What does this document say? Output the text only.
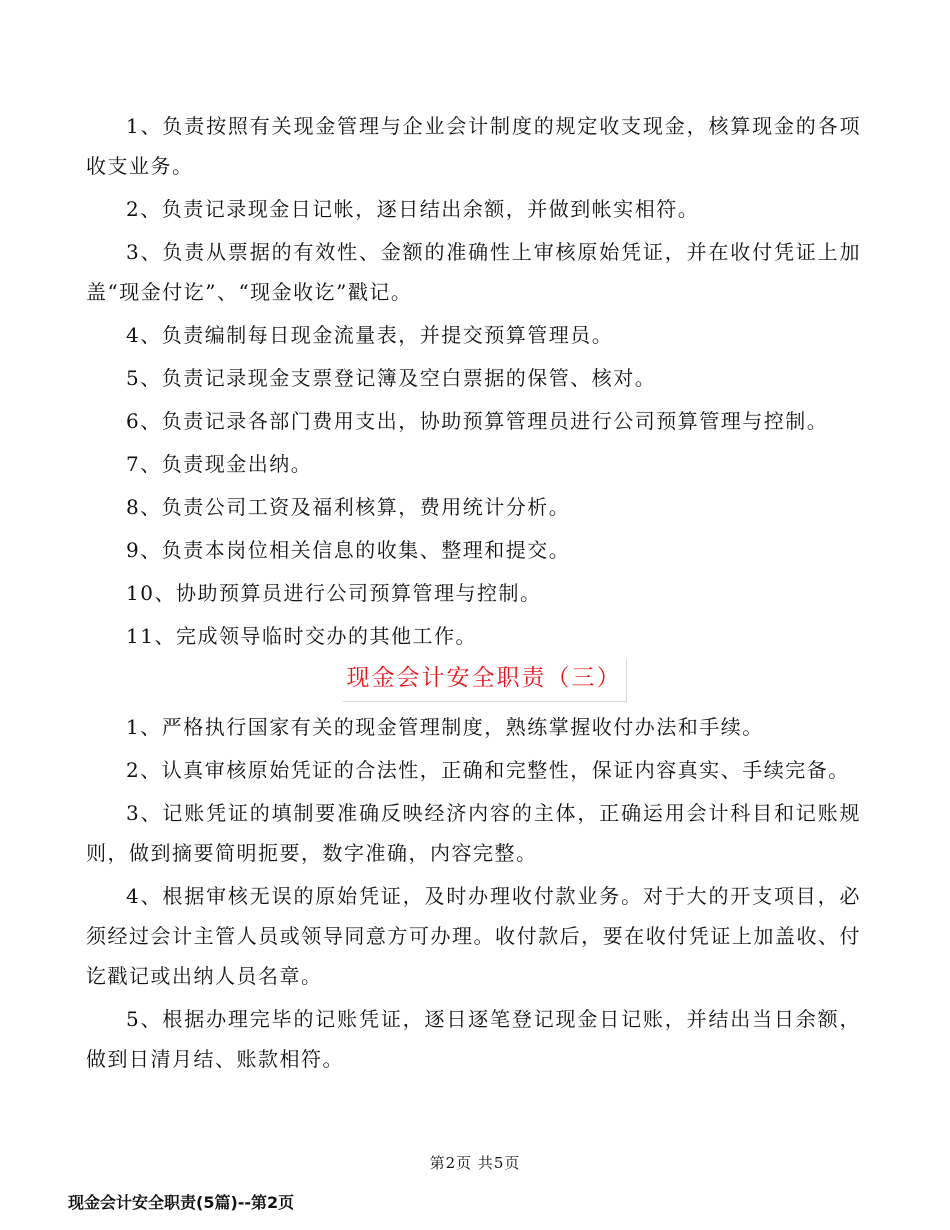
1、负责按照有关现金管理与企业会计制度的规定收支现金，核算现金的各项收支业务。

2、负责记录现金日记帐，逐日结出余额，并做到帐实相符。

3、负责从票据的有效性、金额的准确性上审核原始凭证，并在收付凭证上加盖“现金付讫”、“现金收讫”戳记。

4、负责编制每日现金流量表，并提交预算管理员。

5、负责记录现金支票登记簿及空白票据的保管、核对。

6、负责记录各部门费用支出，协助预算管理员进行公司预算管理与控制。

7、负责现金出纳。

8、负责公司工资及福利核算，费用统计分析。

9、负责本岗位相关信息的收集、整理和提交。

10、协助预算员进行公司预算管理与控制。

11、完成领导临时交办的其他工作。

现金会计安全职责（三）

1、严格执行国家有关的现金管理制度，熟练掌握收付办法和手续。

2、认真审核原始凭证的合法性，正确和完整性，保证内容真实、手续完备。

3、记账凭证的填制要准确反映经济内容的主体，正确运用会计科目和记账规则，做到摘要简明扼要，数字准确，内容完整。

4、根据审核无误的原始凭证，及时办理收付款业务。对于大的开支项目，必须经过会计主管人员或领导同意方可办理。收付款后，要在收付凭证上加盖收、付讫戳记或出纳人员名章。

5、根据办理完毕的记账凭证，逐日逐笔登记现金日记账，并结出当日余额，做到日清月结、账款相符。

第2页 共5页
现金会计安全职责(5篇)--第2页
